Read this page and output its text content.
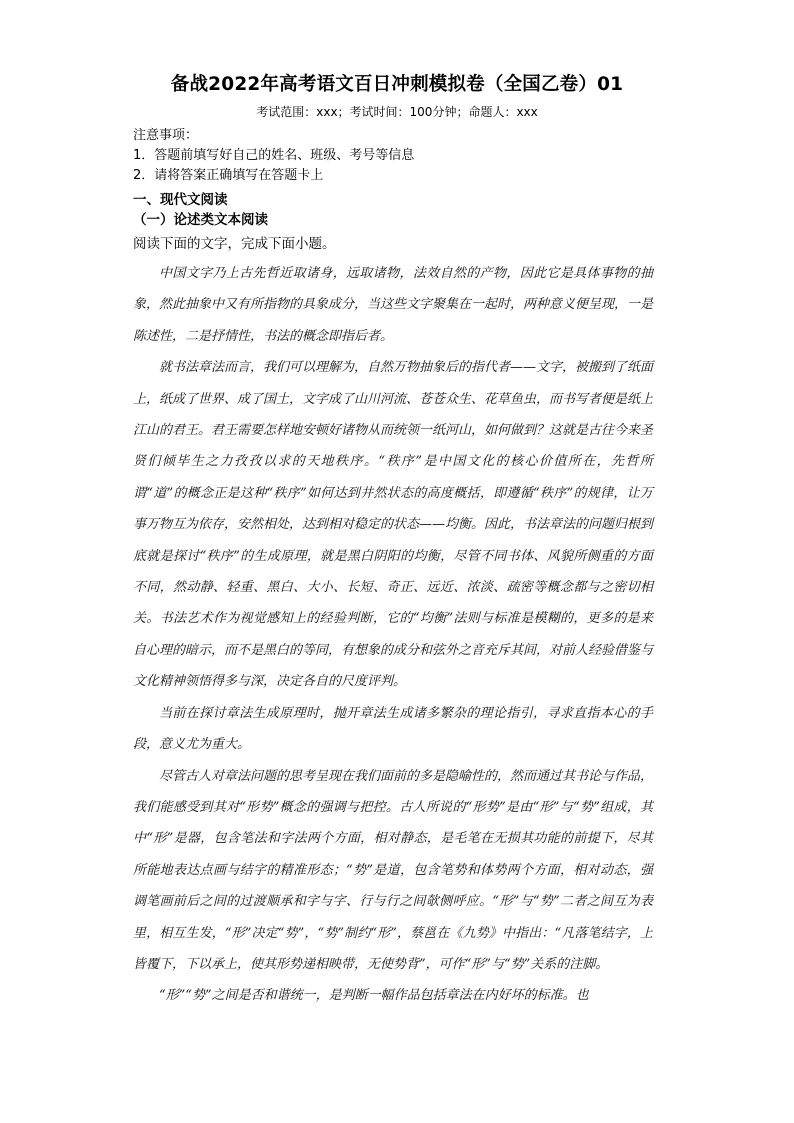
备战2022年高考语文百日冲刺模拟卷（全国乙卷）01
考试范围：xxx；考试时间：100分钟；命题人：xxx
注意事项：
1．答题前填写好自己的姓名、班级、考号等信息
2．请将答案正确填写在答题卡上
一、现代文阅读
（一）论述类文本阅读
阅读下面的文字，完成下面小题。

中国文字乃上古先哲近取诸身，远取诸物，法效自然的产物，因此它是具体事物的抽象，然此抽象中又有所指物的具象成分，当这些文字聚集在一起时，两种意义便呈现，一是陈述性，二是抒情性，书法的概念即指后者。

就书法章法而言，我们可以理解为，自然万物抽象后的指代者——文字，被搬到了纸面上，纸成了世界、成了国土，文字成了山川河流、苍苍众生、花草鱼虫，而书写者便是纸上江山的君王。君王需要怎样地安顿好诸物从而统领一纸河山，如何做到？这就是古往今来圣贤们倾毕生之力孜孜以求的天地秩序。“秩序”是中国文化的核心价值所在，先哲所谓“道”的概念正是这种“秩序”如何达到井然状态的高度概括，即遵循“秩序”的规律，让万事万物互为依存，安然相处，达到相对稳定的状态——均衡。因此，书法章法的问题归根到底就是探讨“秩序”的生成原理，就是黑白阴阳的均衡，尽管不同书体、风貌所侧重的方面不同，然动静、轻重、黑白、大小、长短、奇正、远近、浓淡、疏密等概念都与之密切相关。书法艺术作为视觉感知上的经验判断，它的“均衡”法则与标准是模糊的，更多的是来自心理的暗示，而不是黑白的等同，有想象的成分和弦外之音充斥其间，对前人经验借鉴与文化精神领悟得多与深，决定各自的尺度评判。

当前在探讨章法生成原理时，抛开章法生成诸多繁杂的理论指引，寻求直指本心的手段，意义尤为重大。

尽管古人对章法问题的思考呈现在我们面前的多是隐喻性的，然而通过其书论与作品，我们能感受到其对“形势”概念的强调与把控。古人所说的“形势”是由“形”与“势”组成，其中“形”是器，包含笔法和字法两个方面，相对静态，是毛笔在无损其功能的前提下，尽其所能地表达点画与结字的精准形态；“势”是道，包含笔势和体势两个方面，相对动态，强调笔画前后之间的过渡顺承和字与字、行与行之间欹侧呼应。“形”与“势”二者之间互为表里，相互生发，“形”决定“势”，“势”制约“形”，蔡邕在《九势》中指出：“凡落笔结字，上皆覆下，下以承上，使其形势递相映带，无使势背”，可作“形”与“势”关系的注脚。

“形”“势”之间是否和谐统一，是判断一幅作品包括章法在内好坏的标准。也
